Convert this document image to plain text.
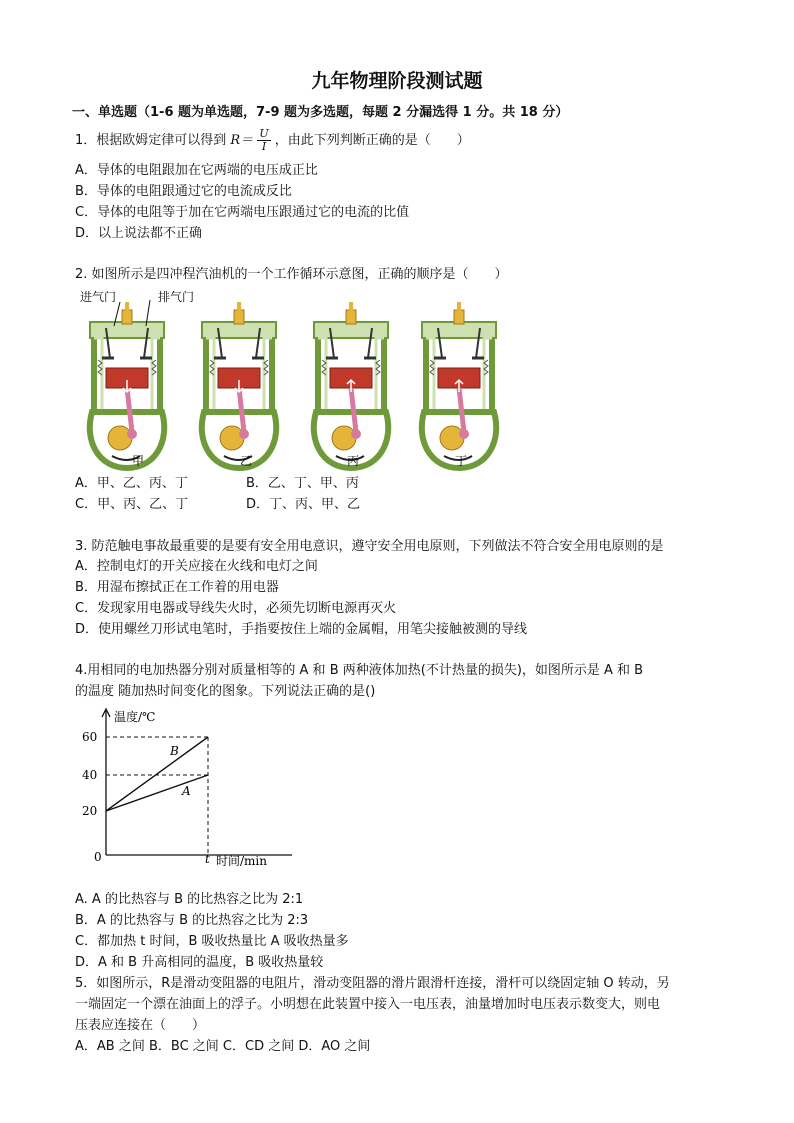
九年物理阶段测试题
一、单选题（1-6 题为单选题，7-9 题为多选题，每题 2 分漏选得 1 分。共 18 分）
1．根据欧姆定律可以得到 $R= \frac{U}{I}$ ，由此下列判断正确的是（ ）
A．导体的电阻跟加在它两端的电压成正比
B．导体的电阻跟通过它的电流成反比
C．导体的电阻等于加在它两端电压跟通过它的电流的比值
D．以上说法都不正确
2. 如图所示是四冲程汽油机的一个工作循环示意图，正确的顺序是（ ）
进气门	排气门
甲	乙	丙	丁
A．甲、乙、丙、丁	B．乙、丁、甲、丙
C．甲、丙、乙、丁	D．丁、丙、甲、乙
3. 防范触电事故最重要的是要有安全用电意识，遵守安全用电原则，下列做法不符合安全用电原则的是
A．控制电灯的开关应接在火线和电灯之间
B．用湿布擦拭正在工作着的用电器
C．发现家用电器或导线失火时，必须先切断电源再灭火
D．使用螺丝刀形试电笔时，手指要按住上端的金属帽，用笔尖接触被测的导线
4.用相同的电加热器分别对质量相等的 A 和 B 两种液体加热(不计热量的损失)，如图所示是 A 和 B
的温度 随加热时间变化的图象。下列说法正确的是()
温度/℃
60
40
20
0	t 时间/min
B
A
A. A 的比热容与 B 的比热容之比为 2:1
B．A 的比热容与 B 的比热容之比为 2:3
C．都加热 t 时间，B 吸收热量比 A 吸收热量多
D．A 和 B 升高相同的温度，B 吸收热量较
5．如图所示，R是滑动变阻器的电阻片，滑动变阻器的滑片跟滑杆连接，滑杆可以绕固定轴 O 转动，另
一端固定一个漂在油面上的浮子。小明想在此装置中接入一电压表，油量增加时电压表示数变大，则电
压表应连接在（ ）
A．AB 之间 B．BC 之间 C．CD 之间 D．AO 之间
